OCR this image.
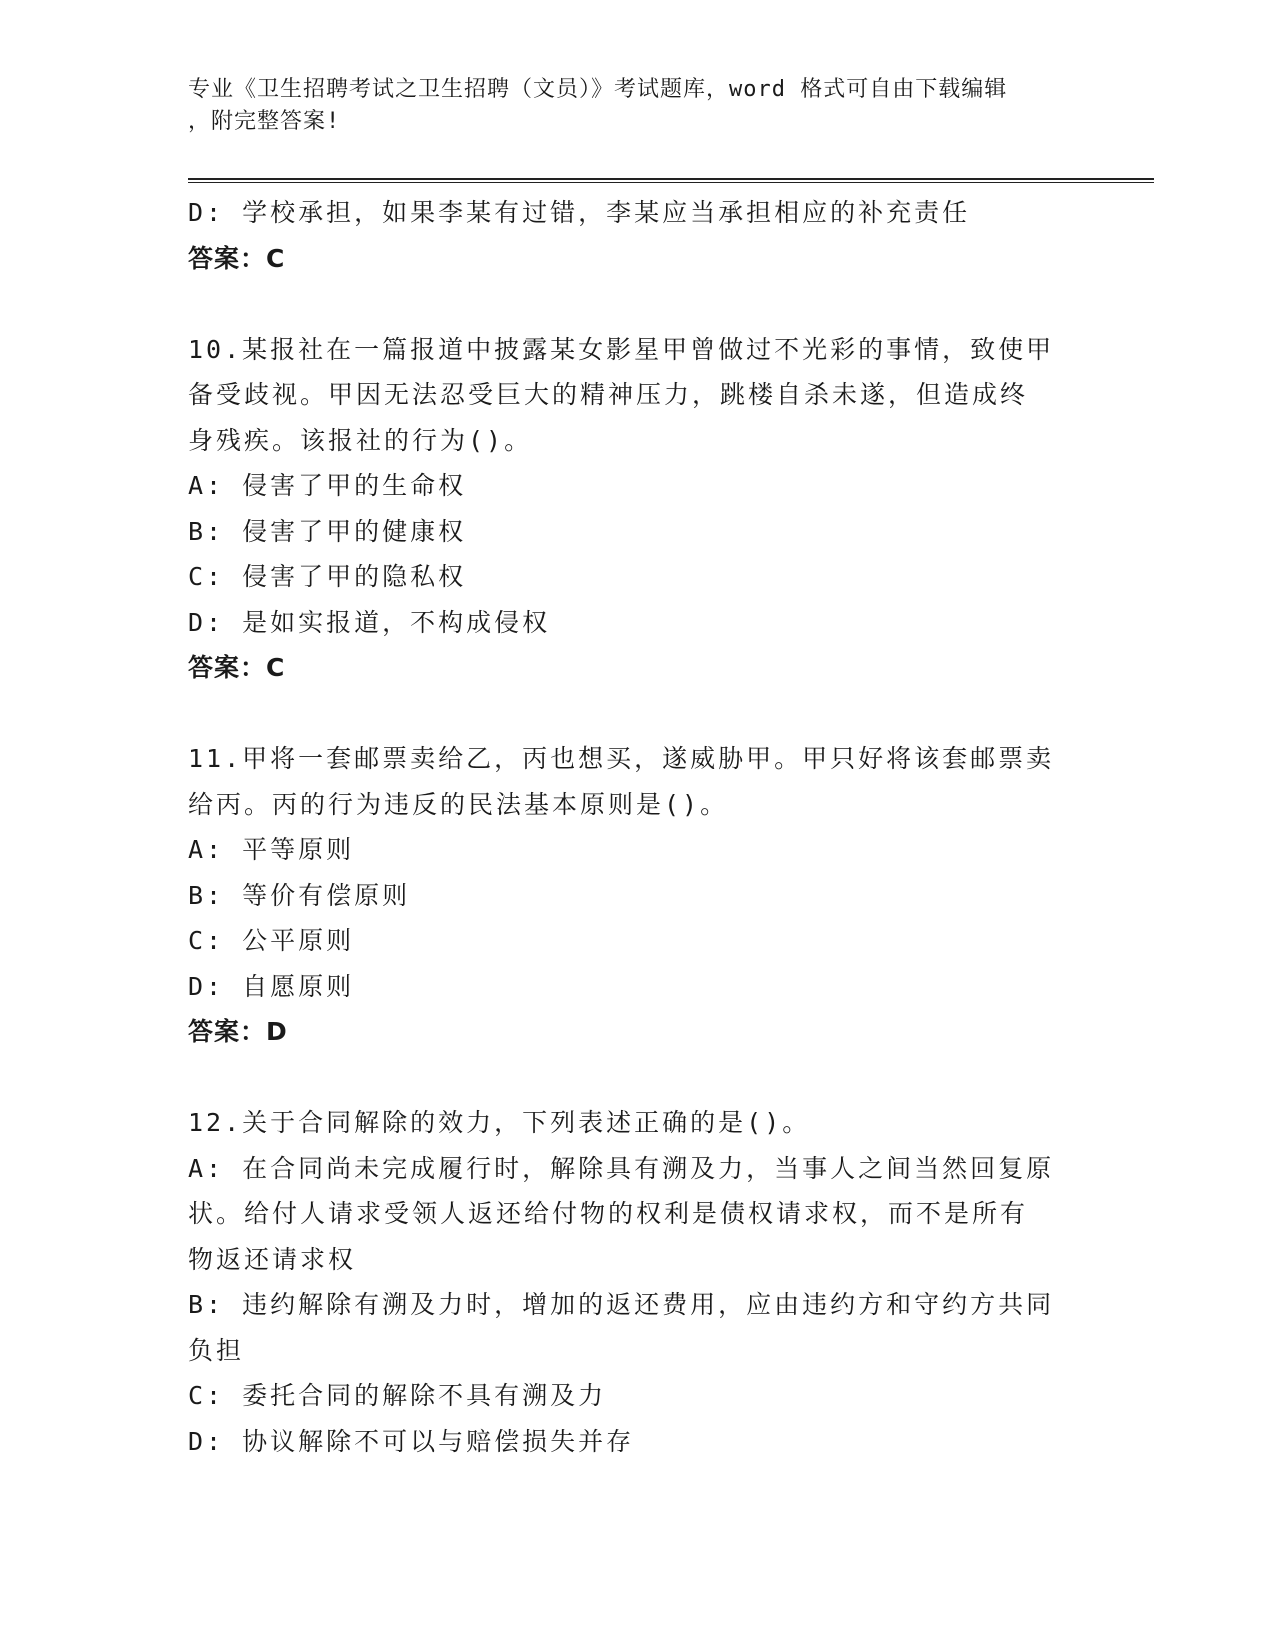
专业《卫生招聘考试之卫生招聘（文员）》考试题库，word 格式可自由下载编辑
，附完整答案!
D: 学校承担，如果李某有过错，李某应当承担相应的补充责任
答案：C
10.某报社在一篇报道中披露某女影星甲曾做过不光彩的事情，致使甲
备受歧视。甲因无法忍受巨大的精神压力，跳楼自杀未遂，但造成终
身残疾。该报社的行为()。
A: 侵害了甲的生命权
B: 侵害了甲的健康权
C: 侵害了甲的隐私权
D: 是如实报道，不构成侵权
答案：C
11.甲将一套邮票卖给乙，丙也想买，遂威胁甲。甲只好将该套邮票卖
给丙。丙的行为违反的民法基本原则是()。
A: 平等原则
B: 等价有偿原则
C: 公平原则
D: 自愿原则
答案：D
12.关于合同解除的效力，下列表述正确的是()。
A: 在合同尚未完成履行时，解除具有溯及力，当事人之间当然回复原
状。给付人请求受领人返还给付物的权利是债权请求权，而不是所有
物返还请求权
B: 违约解除有溯及力时，增加的返还费用，应由违约方和守约方共同
负担
C: 委托合同的解除不具有溯及力
D: 协议解除不可以与赔偿损失并存
